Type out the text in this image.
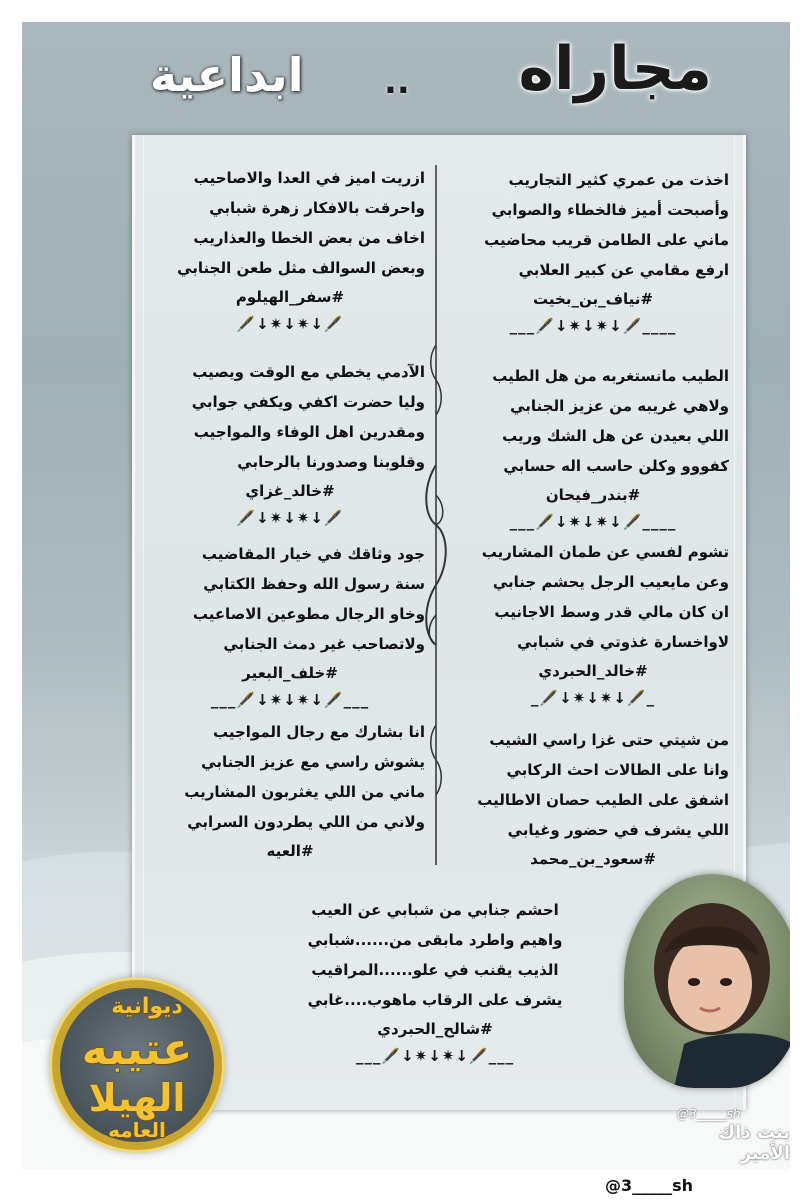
مجاراه
..
ابداعية
اخذت من عمري كثير التجاريب
وأصبحت أميز فالخطاء والصوابي
ماني على الطامن قريب محاضيب
ارفع مقامي عن كبير العلابي
#نياف_بن_بخيت
___🖋️↓✷↓✷↓🖋️____
الطيب مانستغربه من هل الطيب
ولاهي غريبه من عزيز الجنابي
اللي بعيدن عن هل الشك وريب
كفووو وكلن حاسب اله حسابي
#بندر_فيحان
___🖋️↓✷↓✷↓🖋️____
تشوم لفسي عن طمان المشاريب
وعن مايعيب الرجل يحشم جنابي
ان كان مالي قدر وسط الاجانيب
لاواخسارة غذوتي في شبابي
#خالد_الحبردي
_🖋️↓✷↓✷↓🖋️_
من شيتي حتى غزا راسي الشيب
وانا على الطالات احث الركابي
اشفق على الطيب حصان الاطاليب
اللي يشرف في حضور وغيابي
#سعود_بن_محمد
ازريت اميز في العدا والاصاحيب
واحرقت بالافكار زهرة شبابي
اخاف من بعض الخطا والعذاريب
وبعض السوالف مثل طعن الجنابي
#سفر_الهيلوم
🖋️↓✷↓✷↓🖋️
الآدمي يخطي مع الوقت ويصيب
وليا حضرت اكفي ويكفي جوابي
ومقدرين اهل الوفاء والمواجيب
وقلوبنا وصدورنا بالرحابي
#خالد_غزاي
🖋️↓✷↓✷↓🖋️
جود وثاقك في خيار المقاضيب
سنة رسول الله وحفظ الكتابي
وخاو الرجال مطوعين الاصاعيب
ولاتصاحب غير دمث الجنابي
#خلف_البعير
___🖋️↓✷↓✷↓🖋️___
انا بشارك مع رجال المواجيب
يشوش راسي مع عزيز الجنابي
ماني من اللي يغثربون المشاريب
ولاني من اللي يطردون السرابي
#العيه
احشم جنابي من شبابي عن العيب
واهيم واطرد مابقى من......شبابي
الذيب يقنب في علو......المراقيب
يشرف على الرقاب ماهوب....غابي
#شالح_الحبردي
___🖋️↓✷↓✷↓🖋️___
ديوانية
عتيبه
الهيلا
العامه
@3_____sh
بنت ذاك الأمير
@3_____sh
